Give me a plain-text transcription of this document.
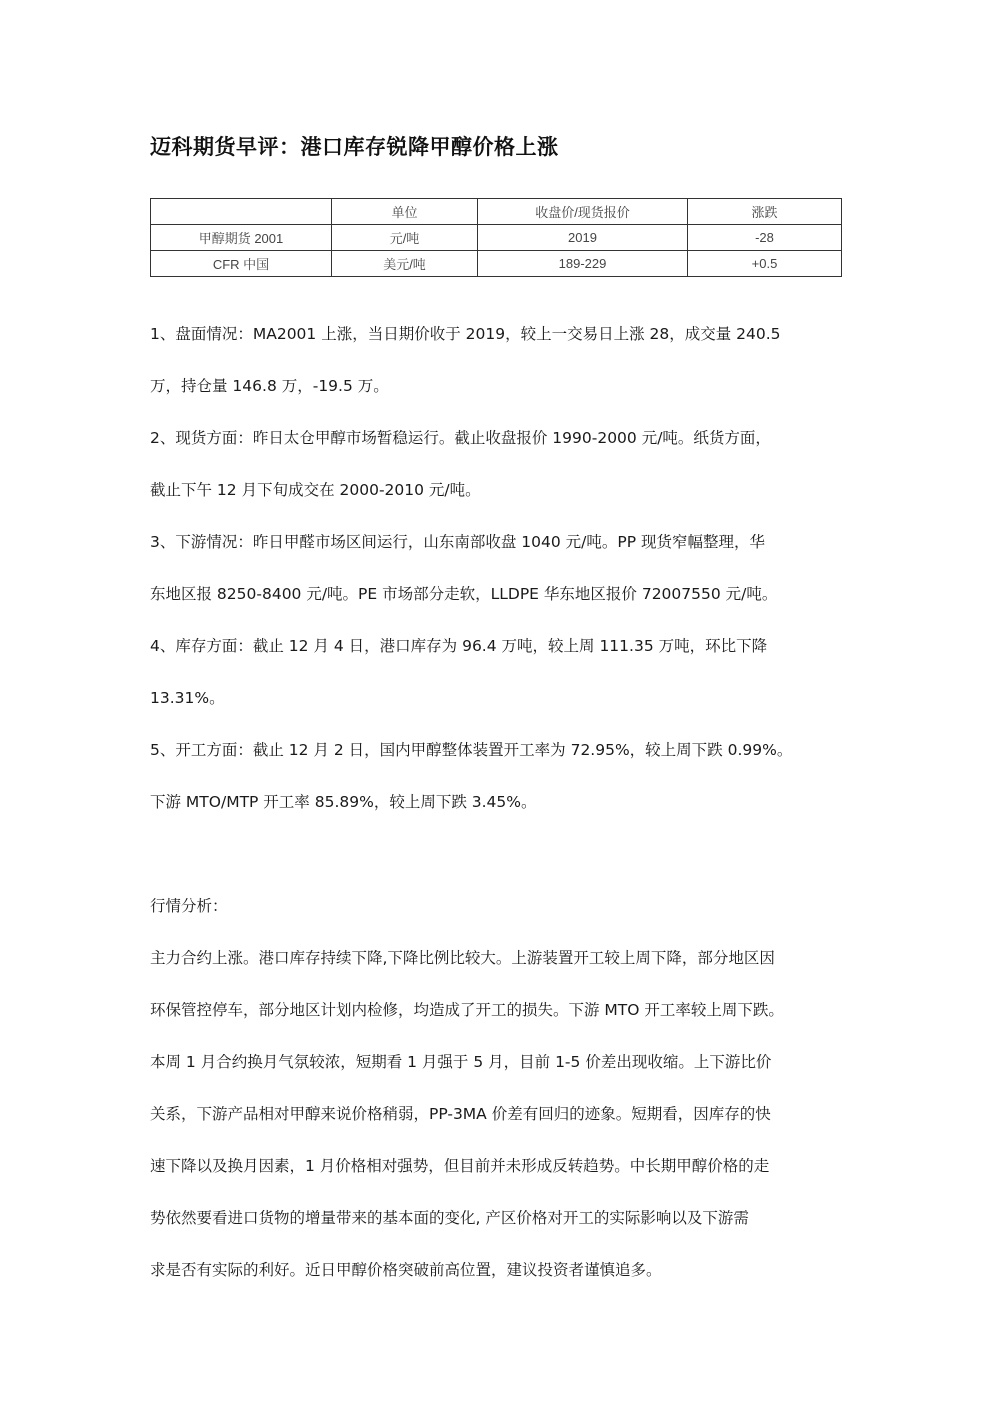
迈科期货早评：港口库存锐降甲醇价格上涨
	单位	收盘价/现货报价	涨跌
甲醇期货 2001	元/吨	2019	-28
CFR 中国	美元/吨	189-229	+0.5
1、盘面情况：MA2001 上涨，当日期价收于 2019，较上一交易日上涨 28，成交量 240.5
万，持仓量 146.8 万，-19.5 万。
2、现货方面：昨日太仓甲醇市场暂稳运行。截止收盘报价 1990-2000 元/吨。纸货方面，
截止下午 12 月下旬成交在 2000-2010 元/吨。
3、下游情况：昨日甲醛市场区间运行，山东南部收盘 1040 元/吨。PP 现货窄幅整理，华
东地区报 8250-8400 元/吨。PE 市场部分走软，LLDPE 华东地区报价 72007550 元/吨。
4、库存方面：截止 12 月 4 日，港口库存为 96.4 万吨，较上周 111.35 万吨，环比下降
13.31%。
5、开工方面：截止 12 月 2 日，国内甲醇整体装置开工率为 72.95%，较上周下跌 0.99%。
下游 MTO/MTP 开工率 85.89%，较上周下跌 3.45%。
行情分析：
主力合约上涨。港口库存持续下降,下降比例比较大。上游装置开工较上周下降，部分地区因
环保管控停车，部分地区计划内检修，均造成了开工的损失。下游 MTO 开工率较上周下跌。
本周 1 月合约换月气氛较浓，短期看 1 月强于 5 月，目前 1-5 价差出现收缩。上下游比价
关系，下游产品相对甲醇来说价格稍弱，PP-3MA 价差有回归的迹象。短期看，因库存的快
速下降以及换月因素，1 月价格相对强势，但目前并未形成反转趋势。中长期甲醇价格的走
势依然要看进口货物的增量带来的基本面的变化, 产区价格对开工的实际影响以及下游需
求是否有实际的利好。近日甲醇价格突破前高位置，建议投资者谨慎追多。
